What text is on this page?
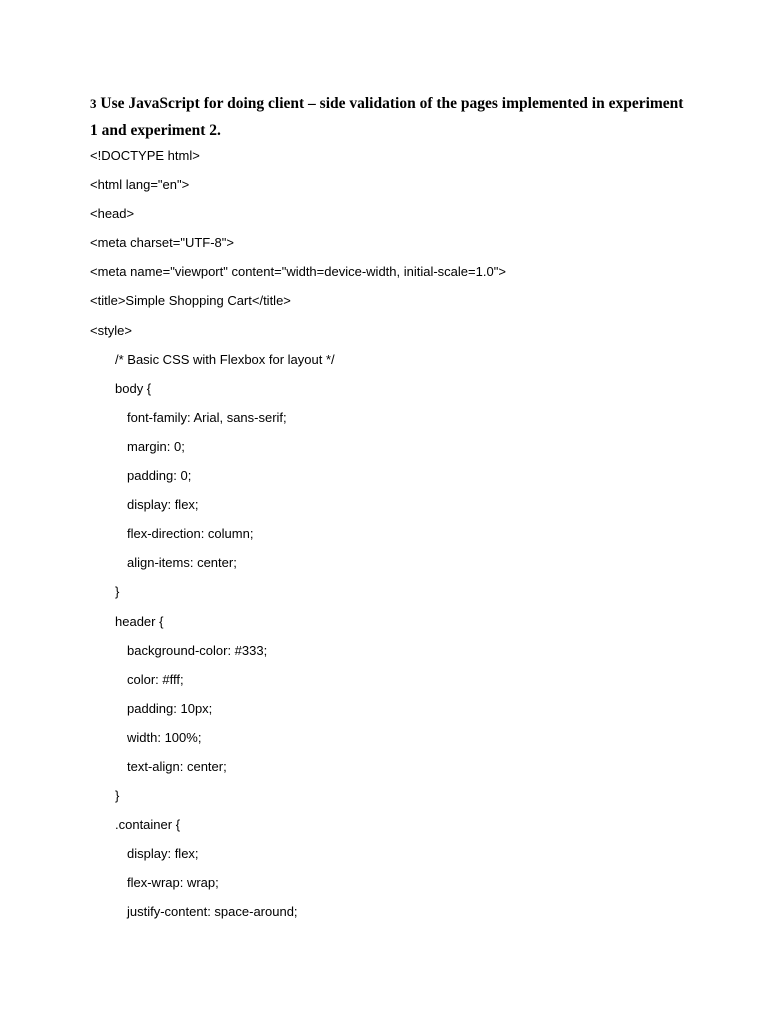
3 Use JavaScript for doing client – side validation of the pages implemented in experiment 1 and experiment 2.
<!DOCTYPE html>
<html lang="en">
<head>
<meta charset="UTF-8">
<meta name="viewport" content="width=device-width, initial-scale=1.0">
<title>Simple Shopping Cart</title>
<style>
/* Basic CSS with Flexbox for layout */
body {
font-family: Arial, sans-serif;
margin: 0;
padding: 0;
display: flex;
flex-direction: column;
align-items: center;
}
header {
background-color: #333;
color: #fff;
padding: 10px;
width: 100%;
text-align: center;
}
.container {
display: flex;
flex-wrap: wrap;
justify-content: space-around;
